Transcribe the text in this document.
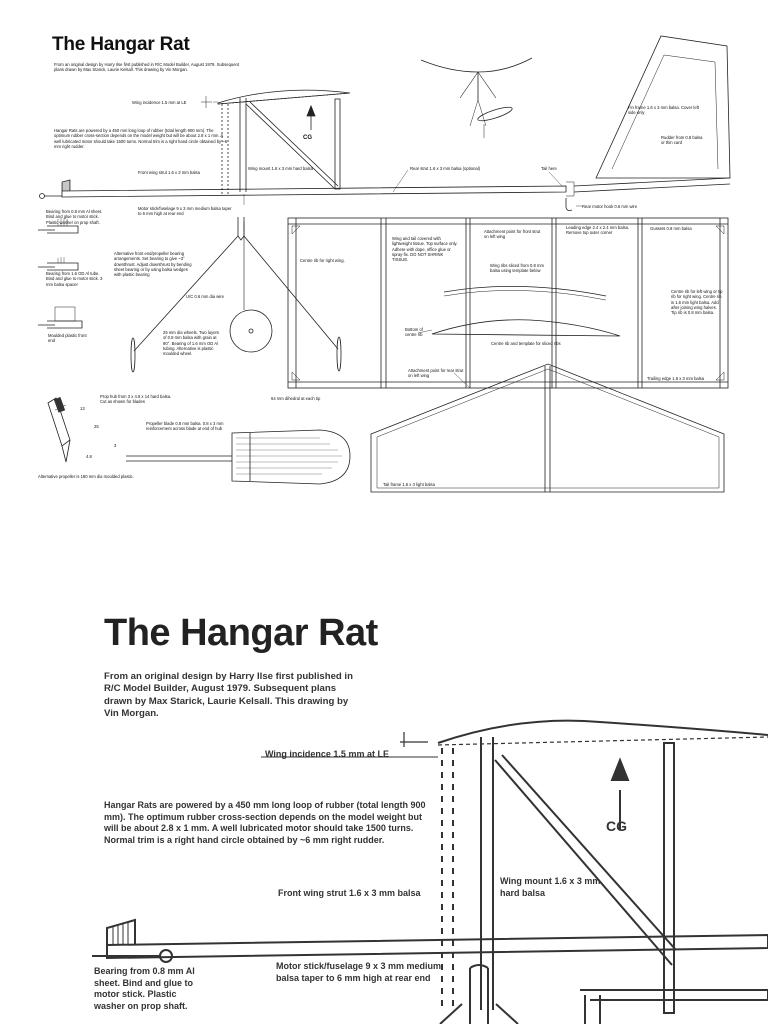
The Hangar Rat
From an original design by Harry Ilse first published in R/C Model Builder, August 1979. Subsequent plans drawn by Max Starick, Laurie Kelsall. This drawing by Vin Morgan.
Wing incidence 1.5 mm at LE
CG
Hangar Rats are powered by a 450 mm long loop of rubber (total length 900 mm). The optimum rubber cross-section depends on the model weight but will be about 2.8 x 1 mm. A well lubricated motor should take 1500 turns. Normal trim is a right hand circle obtained by ~6 mm right rudder.
Front wing strut 1.6 x 3 mm balsa
Wing mount 1.6 x 3 mm hard balsa	Rear strut 1.6 x 3 mm balsa (optional)	Tail here
Fin frame 1.6 x 3 mm balsa. Cover left side only
Rudder from 0.8 balsa or thin card
Rear motor hook 0.6 mm wire
Bearing from 0.8 mm Al sheet. Bind and glue to motor stick. Plastic washer on prop shaft.
Motor stick/fuselage 9 x 3 mm medium balsa taper to 6 mm high at rear end
Alternative front end/propeller bearing arrangements. Set bearing to give ~3° downthrust. Adjust downthrust by bending sheet bearing or by using balsa wedges with plastic bearing
Bearing from 1.6 OD Al tube. Bind and glue to motor stick. 3 mm balsa spacer
Moulded plastic front end
U/C 0.6 mm dia wire
25 mm dia wheels. Two layers of 0.8 mm balsa with grain at 90°. Bearing of 1.6 mm OD Al tubing. Alternative is plastic moulded wheel.
Centre rib for right wing.
Wing and tail covered with lightweight tissue. Top surface only. Adhere with dope, office glue or spray-fix. DO NOT SHRINK TISSUE.
Attachment point for front strut on left wing
Leading edge 2.4 x 2.4 mm balsa. Remove top outer corner
Gussets 0.8 mm balsa
Wing ribs sliced from 0.8 mm balsa using template below
Centre rib for left wing or tip rib for right wing. Centre rib is 1.6 mm light balsa. Add after joining wing halves. Tip rib is 0.8 mm balsa.
Bottom of centre rib
Centre rib and template for sliced ribs
Attachment point for rear strut on left wing
Trailing edge 1.6 x 3 mm balsa
Prop hub from 3 x 4.8 x 14 hard balsa. Cut as shown for blades
13
25
3
4.8
Propeller blade 0.8 mm balsa. 0.8 x 3 mm reinforcement across blade at end of hub
64 mm dihedral at each tip
Tail frame 1.6 x 3 light balsa
Alternative propeller is 180 mm dia moulded plastic.
The Hangar Rat
From an original design by Harry Ilse first published in R/C Model Builder, August 1979. Subsequent plans drawn by Max Starick, Laurie Kelsall. This drawing by Vin Morgan.
Wing incidence 1.5 mm at LE
Hangar Rats are powered by a 450 mm long loop of rubber (total length 900 mm). The optimum rubber cross-section depends on the model weight but will be about 2.8 x 1 mm. A well lubricated motor should take 1500 turns. Normal trim is a right hand circle obtained by ~6 mm right rudder.
CG
Front wing strut 1.6 x 3 mm balsa
Wing mount 1.6 x 3 mm hard balsa
Bearing from 0.8 mm Al sheet. Bind and glue to motor stick. Plastic washer on prop shaft.
Motor stick/fuselage 9 x 3 mm medium balsa taper to 6 mm high at rear end
